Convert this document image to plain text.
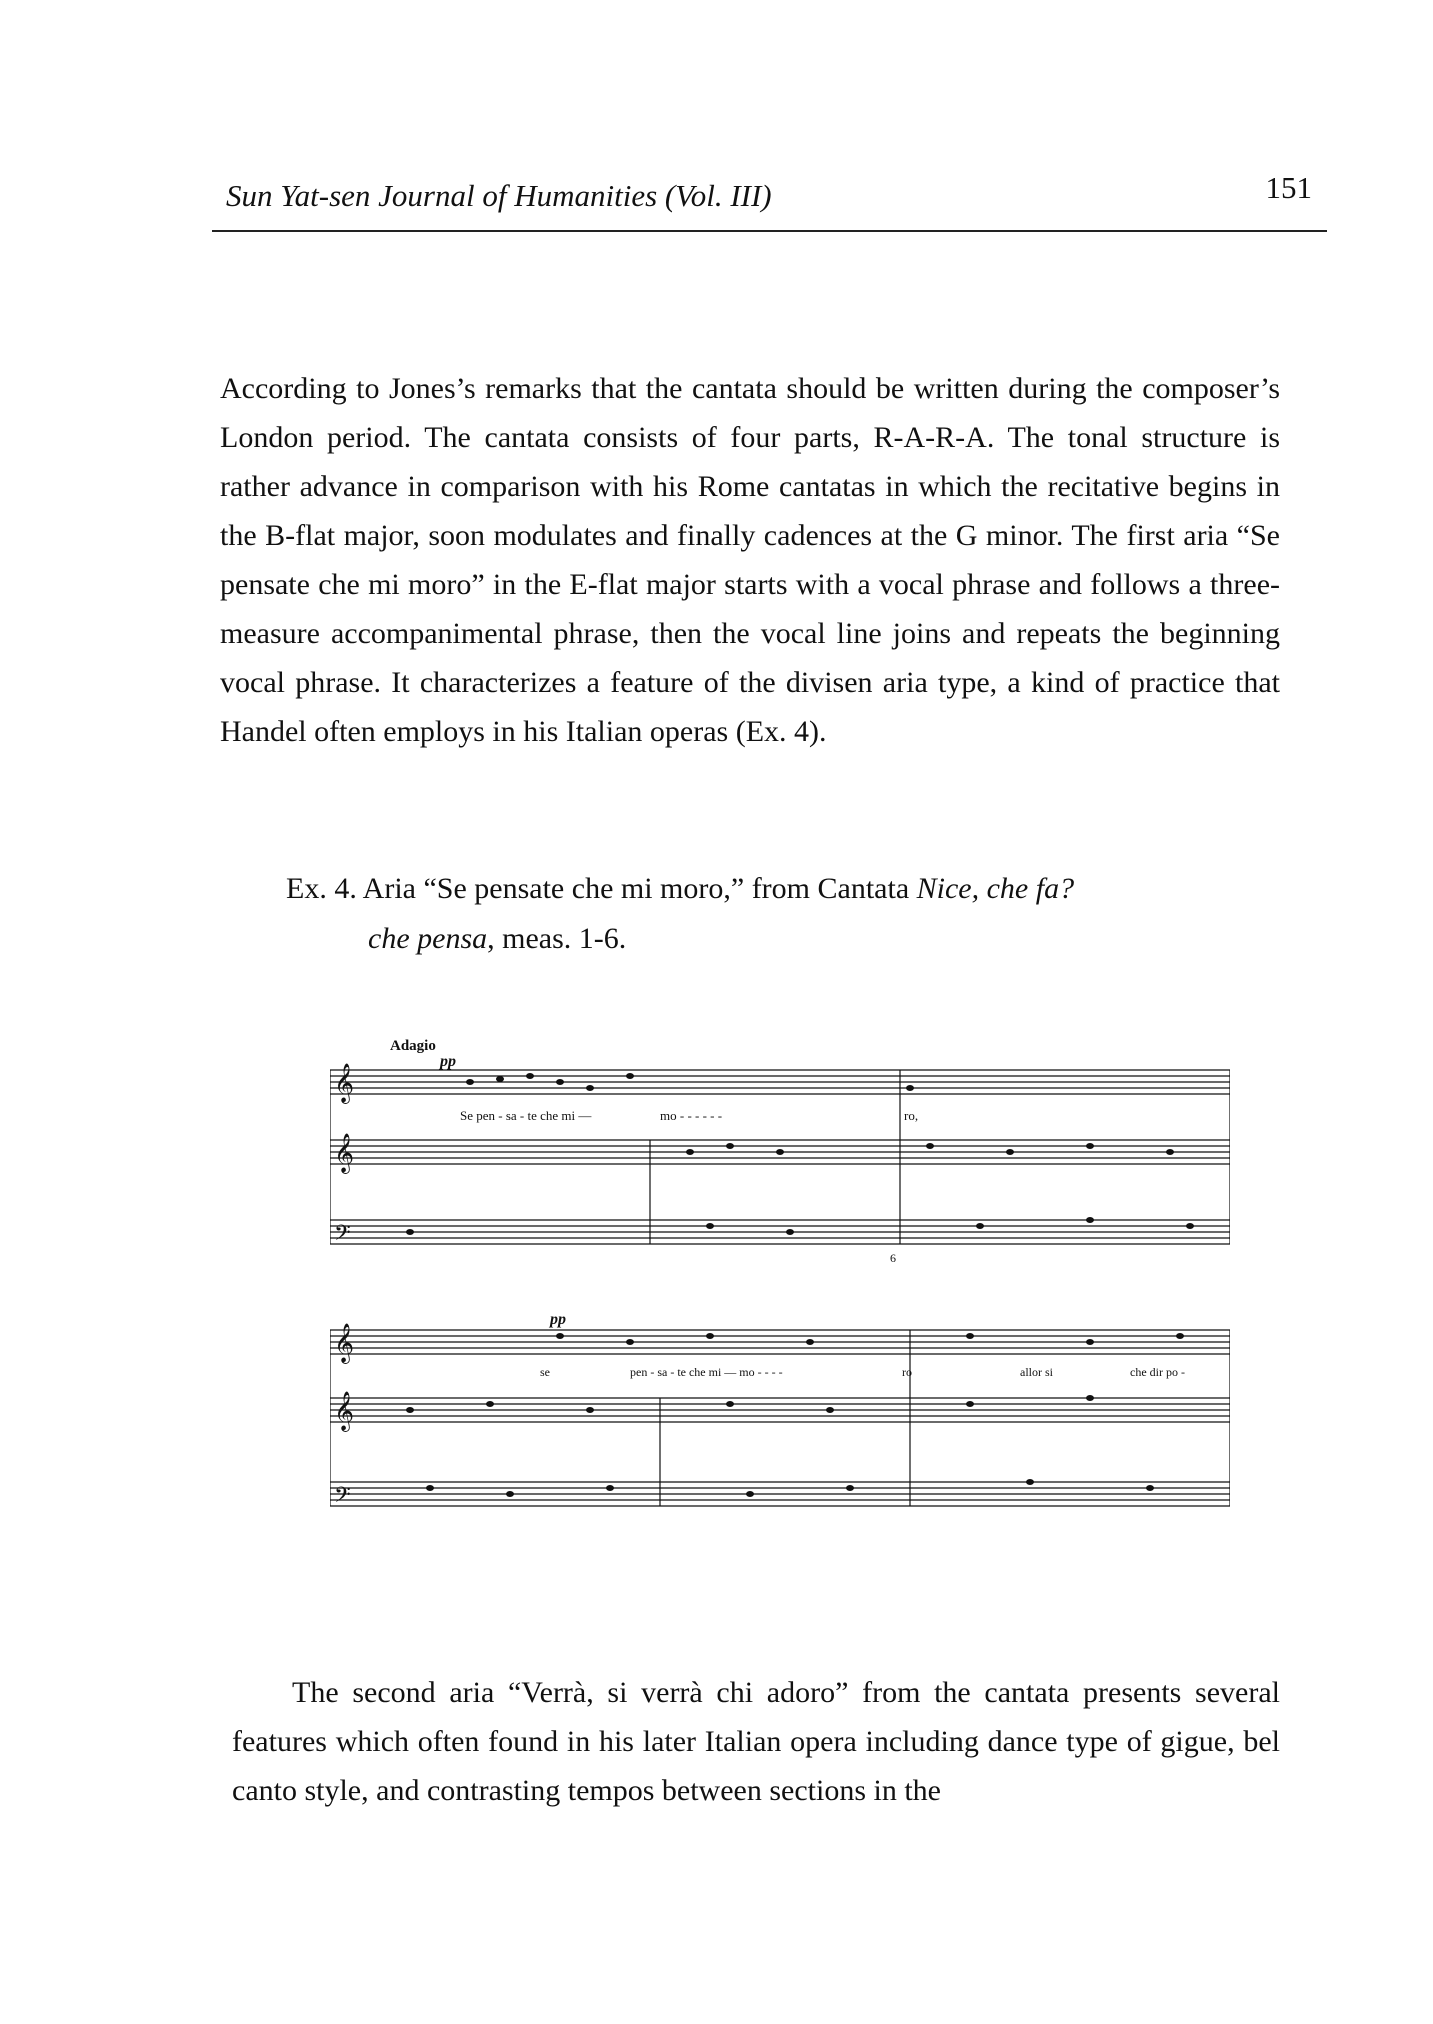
Sun Yat-sen Journal of Humanities (Vol. III)	151
According to Jones’s remarks that the cantata should be written during the composer’s London period. The cantata consists of four parts, R-A-R-A. The tonal structure is rather advance in comparison with his Rome cantatas in which the recitative begins in the B-flat major, soon modulates and finally cadences at the G minor. The first aria “Se pensate che mi moro” in the E-flat major starts with a vocal phrase and follows a three-measure accompanimental phrase, then the vocal line joins and repeats the beginning vocal phrase. It characterizes a feature of the divisen aria type, a kind of practice that Handel often employs in his Italian operas (Ex. 4).
Ex. 4. Aria “Se pensate che mi moro,” from Cantata Nice, che fa?
che pensa, meas. 1-6.
𝄞
𝄞
𝄢
𝄞
𝄞
𝄢
Adagio
pp
Se pen - sa - te che mi —	mo - - - - - -	ro,
6
pp
se	pen - sa - te che mi — mo - - - -	ro	allor si	che dir po -
The second aria “Verrà, si verrà chi adoro” from the cantata presents several features which often found in his later Italian opera including dance type of gigue, bel canto style, and contrasting tempos between sections in the
